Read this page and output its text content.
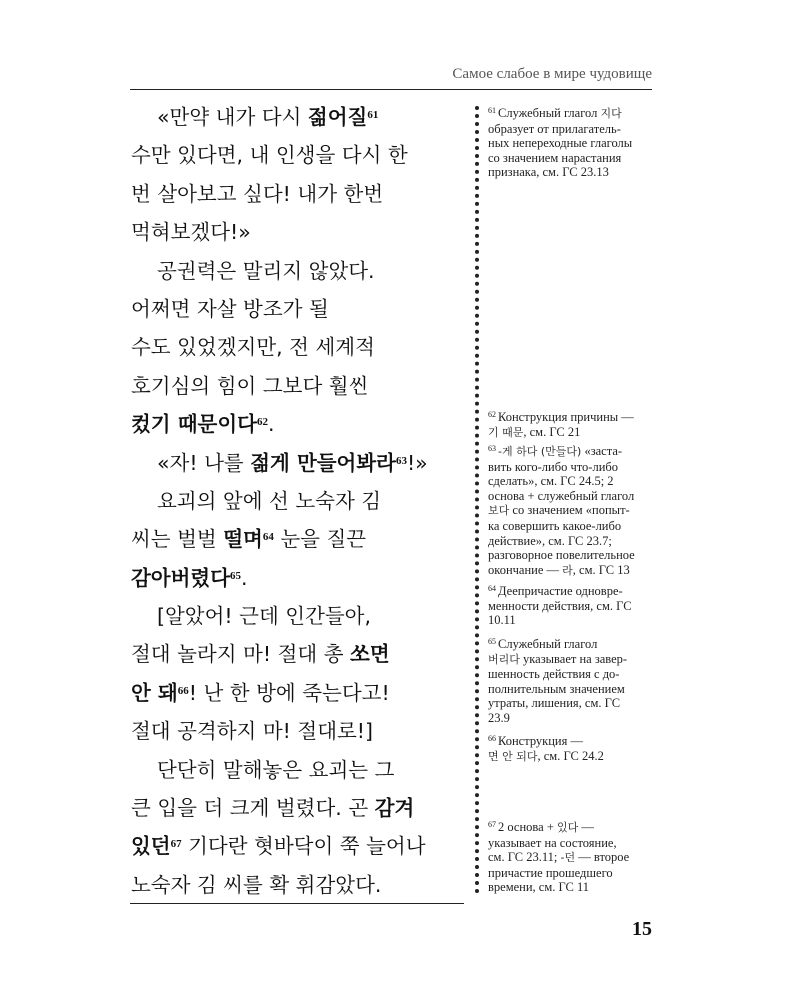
Самое слабое в мире чудовище
«만약 내가 다시 젊어질$^{61}$
수만 있다면, 내 인생을 다시 한
번 살아보고 싶다! 내가 한번
먹혀보겠다!»
공권력은 말리지 않았다.
어쩌면 자살 방조가 될
수도 있었겠지만, 전 세계적
호기심의 힘이 그보다 훨씬
컸기 때문이다$^{62}$.
«자! 나를 젊게 만들어봐라$^{63}$!»
요괴의 앞에 선 노숙자 김
씨는 벌벌 떨며$^{64}$ 눈을 질끈
감아버렸다$^{65}$.
[알았어! 근데 인간들아,
절대 놀라지 마! 절대 총 쏘면
안 돼$^{66}$! 난 한 방에 죽는다고!
절대 공격하지 마! 절대로!]
단단히 말해놓은 요괴는 그
큰 입을 더 크게 벌렸다. 곤 감겨
있던$^{67}$ 기다란 혓바닥이 쭉 늘어나
노숙자 김 씨를 확 휘감았다.
$^{61}$ Служебный глагол 지다
образует от прилагатель-
ных непереходные глаголы
со значением нарастания
признака, см. ГС 23.13
$^{62}$ Конструкция причины —
기 때문, см. ГС 21
$^{63}$ -게 하다 (만들다) «заста-
вить кого-либо что-либо
сделать», см. ГС 24.5; 2
основа + служебный глагол
보다 со значением «попыт-
ка совершить какое-либо
действие», см. ГС 23.7;
разговорное повелительное
окончание — 라, см. ГС 13
$^{64}$ Деепричастие одновре-
менности действия, см. ГС
10.11
$^{65}$ Служебный глагол
버리다 указывает на завер-
шенность действия с до-
полнительным значением
утраты, лишения, см. ГС
23.9
$^{66}$ Конструкция —
면 안 되다, см. ГС 24.2
$^{67}$ 2 основа + 있다 —
указывает на состояние,
см. ГС 23.11; -던 — второе
причастие прошедшего
времени, см. ГС 11
15
